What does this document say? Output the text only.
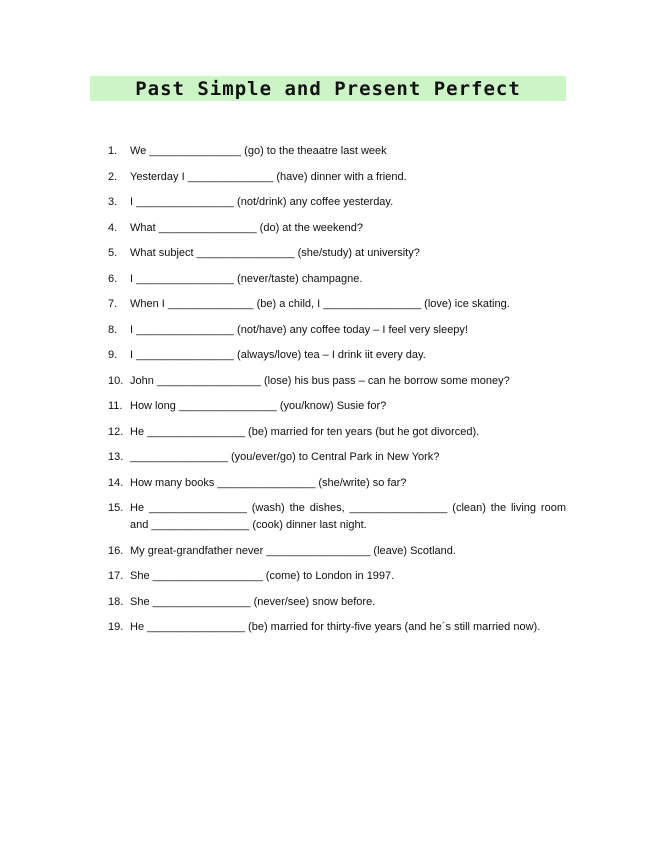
Past Simple and Present Perfect
1.	We _______________ (go) to the theaatre last week
2.	Yesterday I ______________ (have) dinner with a friend.
3.	I ________________ (not/drink) any coffee yesterday.
4.	What ________________ (do) at the weekend?
5.	What subject ________________ (she/study) at university?
6.	I ________________ (never/taste) champagne.
7.	When I ______________ (be) a child, I ________________ (love) ice skating.
8.	I ________________ (not/have) any coffee today – I feel very sleepy!
9.	I ________________ (always/love) tea – I drink iit every day.
10. John _________________ (lose) his bus pass – can he borrow some money?
11. How long ________________ (you/know) Susie for?
12. He ________________ (be) married for ten years (but he got divorced).
13. ________________ (you/ever/go) to Central Park in New York?
14. How many books ________________ (she/write) so far?
15. He ________________ (wash) the dishes, ________________ (clean) the living room and ________________ (cook) dinner last night.
16. My great-grandfather never _________________ (leave) Scotland.
17. She __________________ (come) to London in 1997.
18. She ________________ (never/see) snow before.
19. He ________________ (be) married for thirty-five years (and he´s still married now).
